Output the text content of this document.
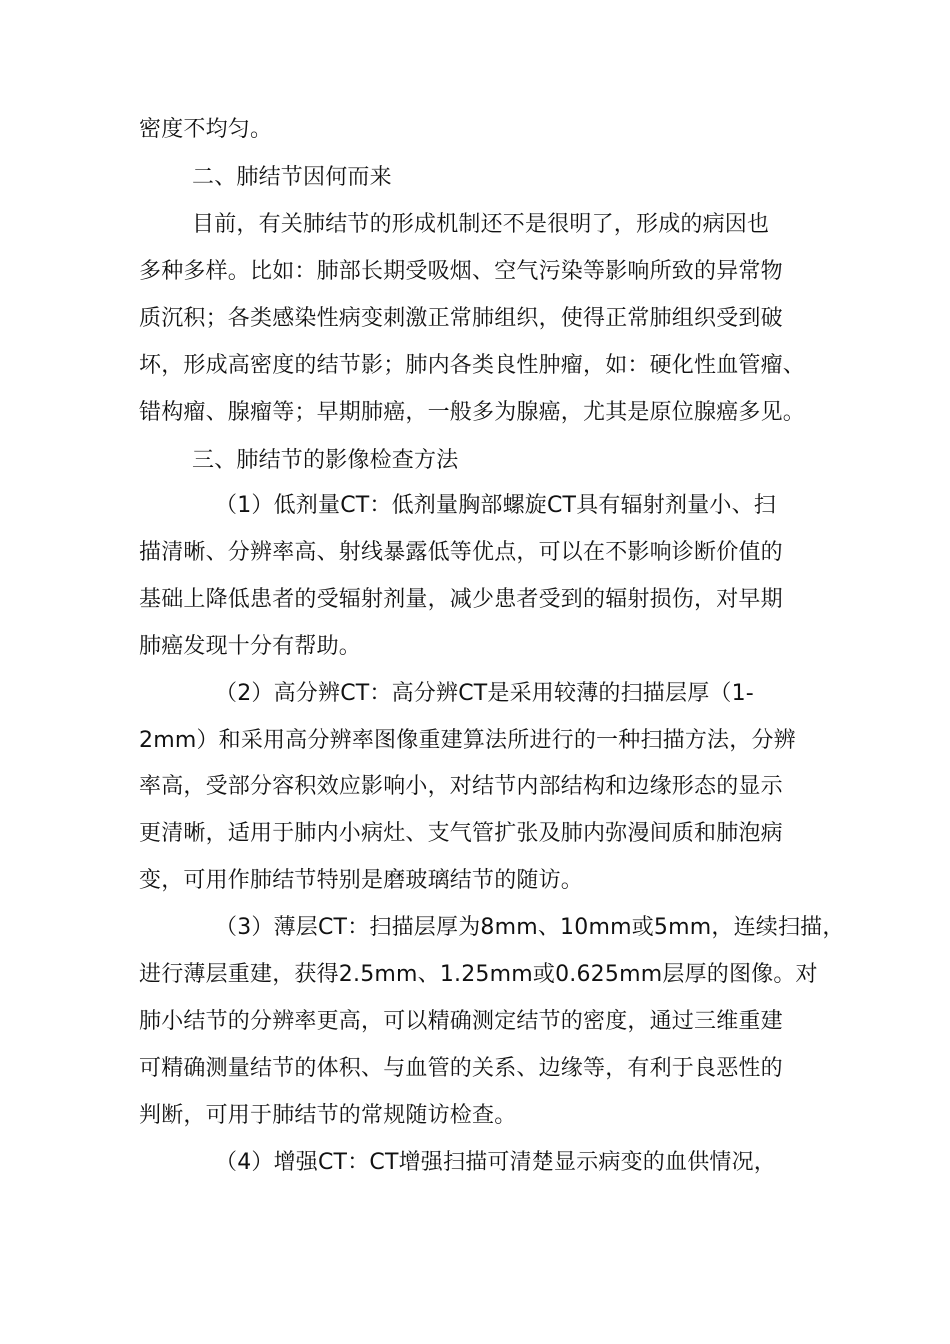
密度不均匀。
二、肺结节因何而来
目前，有关肺结节的形成机制还不是很明了，形成的病因也
多种多样。比如：肺部长期受吸烟、空气污染等影响所致的异常物
质沉积；各类感染性病变刺激正常肺组织，使得正常肺组织受到破
坏，形成高密度的结节影；肺内各类良性肿瘤，如：硬化性血管瘤、
错构瘤、腺瘤等；早期肺癌，一般多为腺癌，尤其是原位腺癌多见。
三、肺结节的影像检查方法
（1）低剂量CT：低剂量胸部螺旋CT具有辐射剂量小、扫
描清晰、分辨率高、射线暴露低等优点，可以在不影响诊断价值的
基础上降低患者的受辐射剂量，减少患者受到的辐射损伤，对早期
肺癌发现十分有帮助。
（2）高分辨CT：高分辨CT是采用较薄的扫描层厚（1-
2mm）和采用高分辨率图像重建算法所进行的一种扫描方法，分辨
率高，受部分容积效应影响小，对结节内部结构和边缘形态的显示
更清晰，适用于肺内小病灶、支气管扩张及肺内弥漫间质和肺泡病
变，可用作肺结节特别是磨玻璃结节的随访。
（3）薄层CT：扫描层厚为8mm、10mm或5mm，连续扫描，
进行薄层重建，获得2.5mm、1.25mm或0.625mm层厚的图像。对
肺小结节的分辨率更高，可以精确测定结节的密度，通过三维重建
可精确测量结节的体积、与血管的关系、边缘等，有利于良恶性的
判断，可用于肺结节的常规随访检查。
（4）增强CT：CT增强扫描可清楚显示病变的血供情况，
